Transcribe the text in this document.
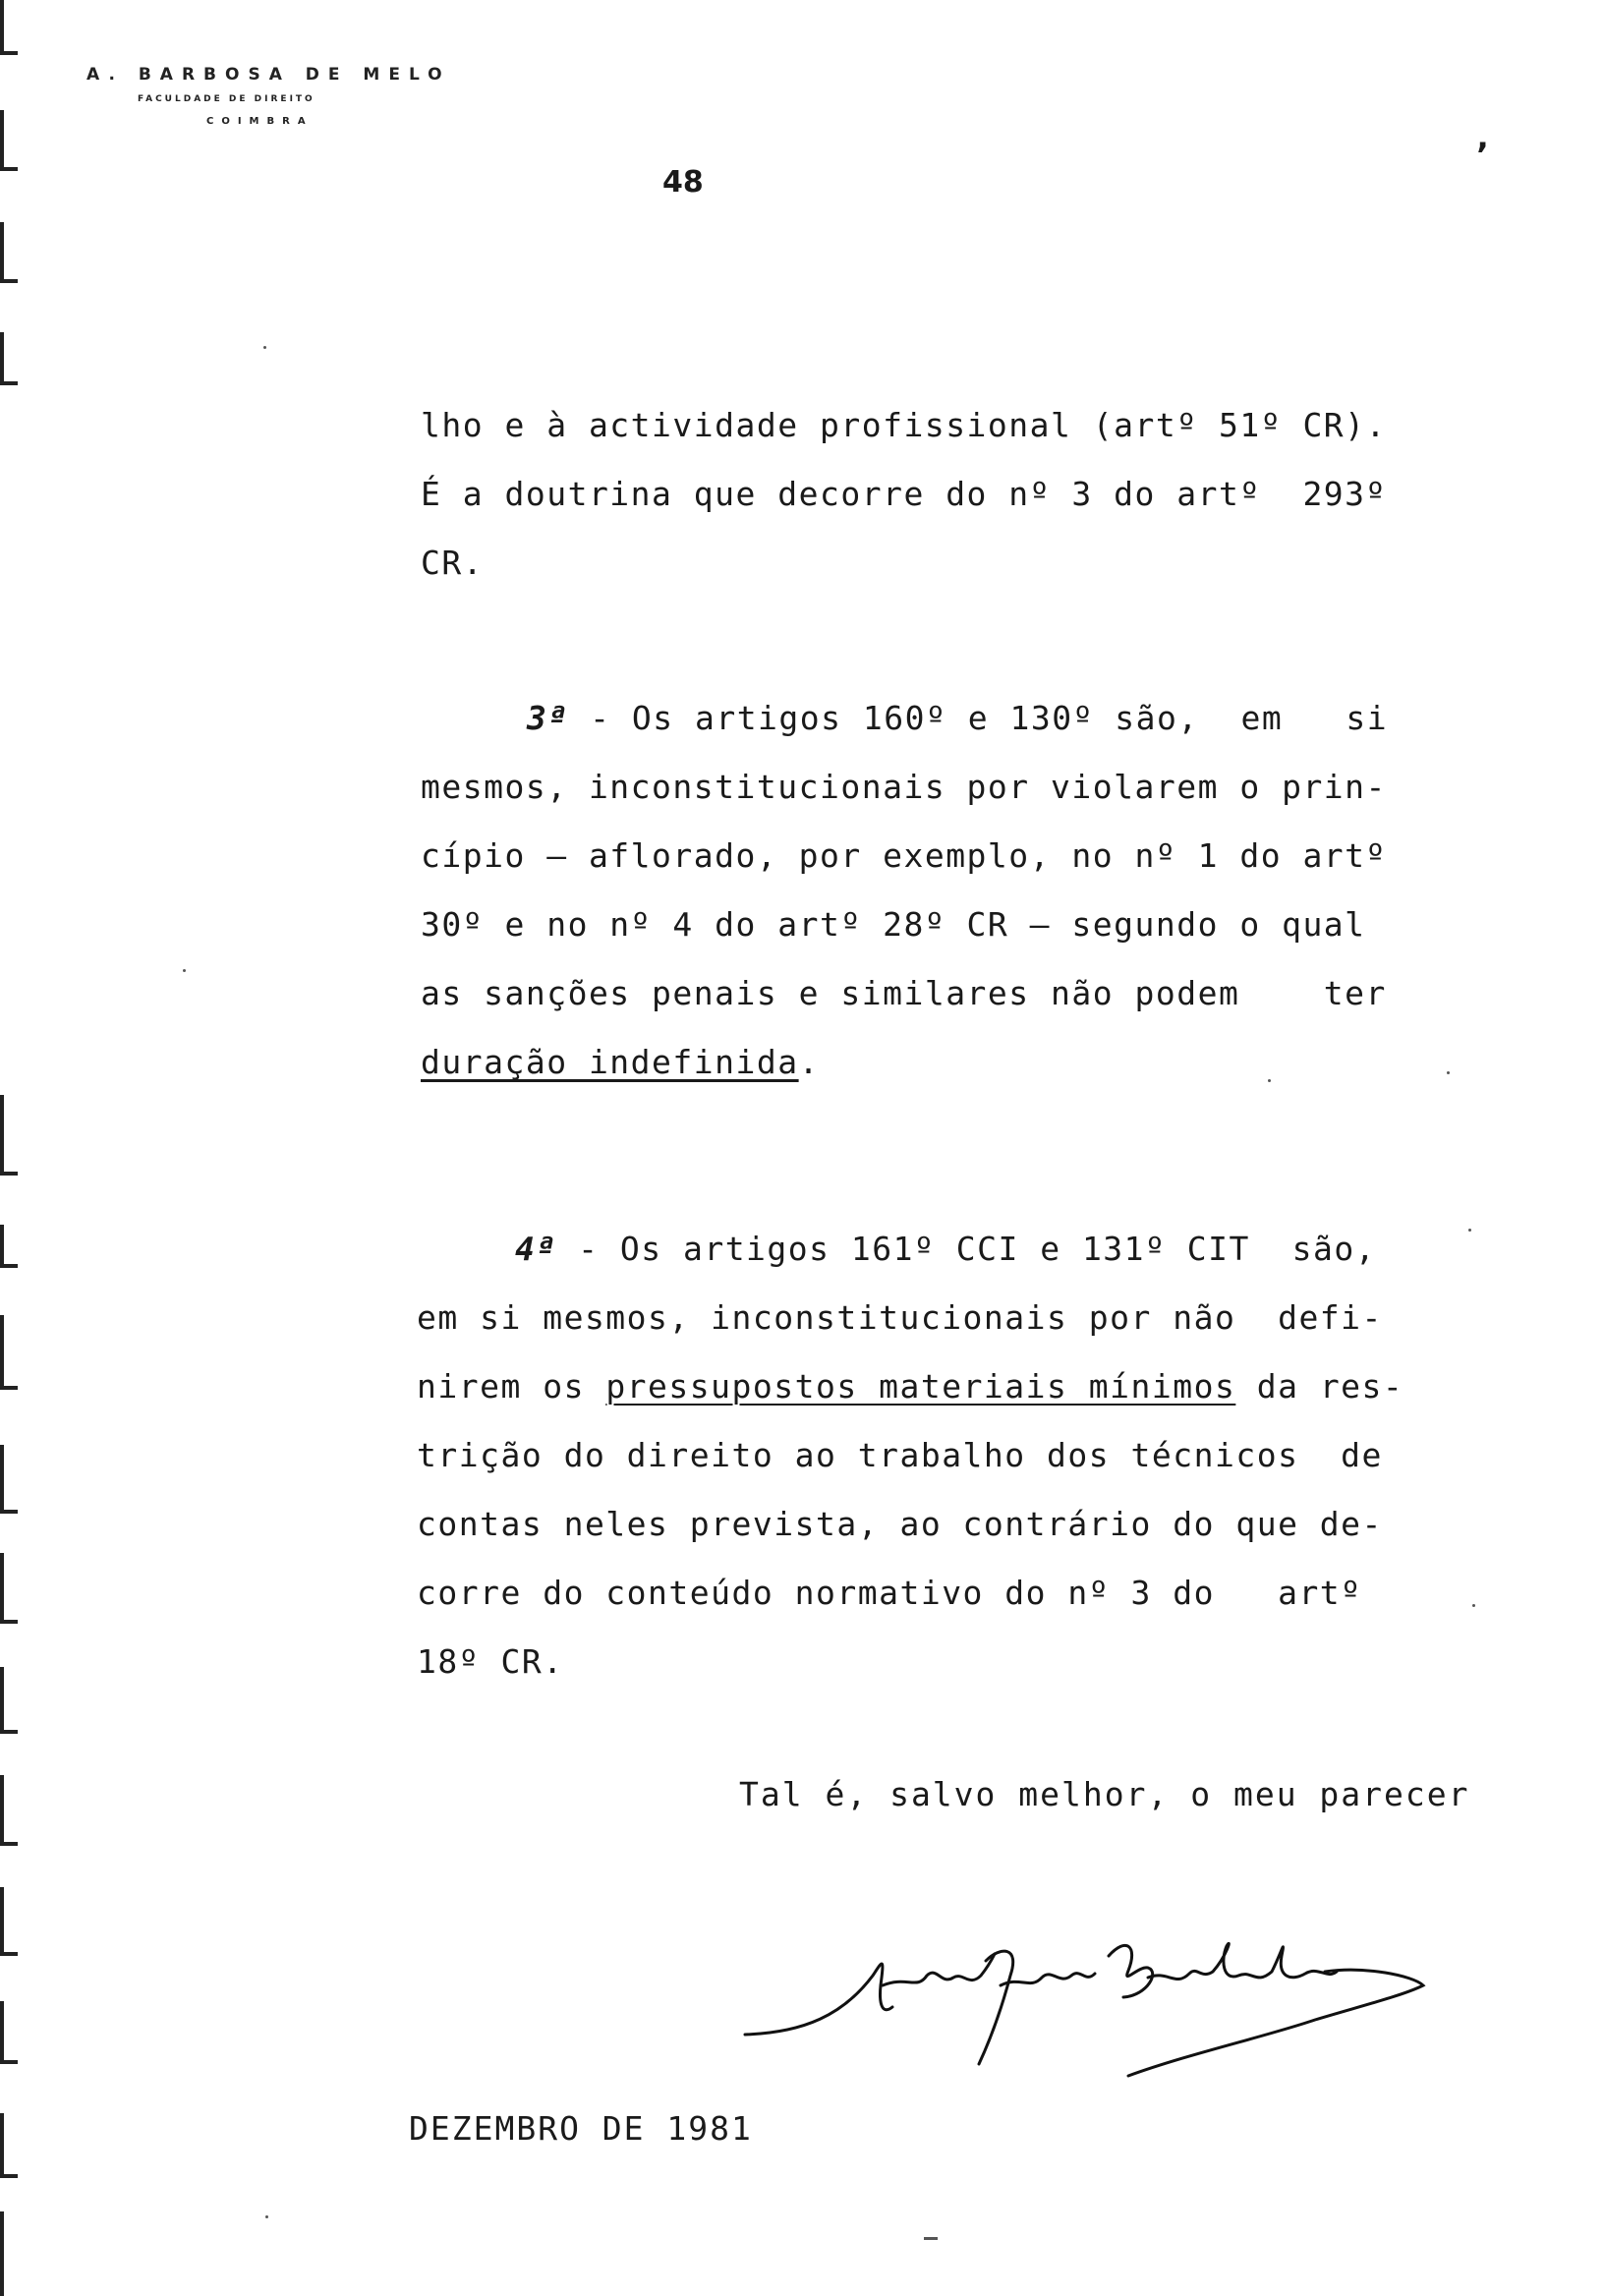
A. BARBOSA DE MELO
FACULDADE DE DIREITO
COIMBRA
48
ʼ
lho e à actividade profissional (artº 51º CR).
É a doutrina que decorre do nº 3 do artº  293º
CR.
3ª - Os artigos 160º e 130º são,  em   si
mesmos, inconstitucionais por violarem o prin-
cípio — aflorado, por exemplo, no nº 1 do artº
30º e no nº 4 do artº 28º CR — segundo o qual
as sanções penais e similares não podem    ter
duração indefinida.
4ª - Os artigos 161º CCI e 131º CIT  são,
em si mesmos, inconstitucionais por não  defi-
nirem os pressupostos materiais mínimos da res-
trição do direito ao trabalho dos técnicos  de
contas neles prevista, ao contrário do que de-
corre do conteúdo normativo do nº 3 do   artº
18º CR.
Tal é, salvo melhor, o meu parecer
DEZEMBRO DE 1981
